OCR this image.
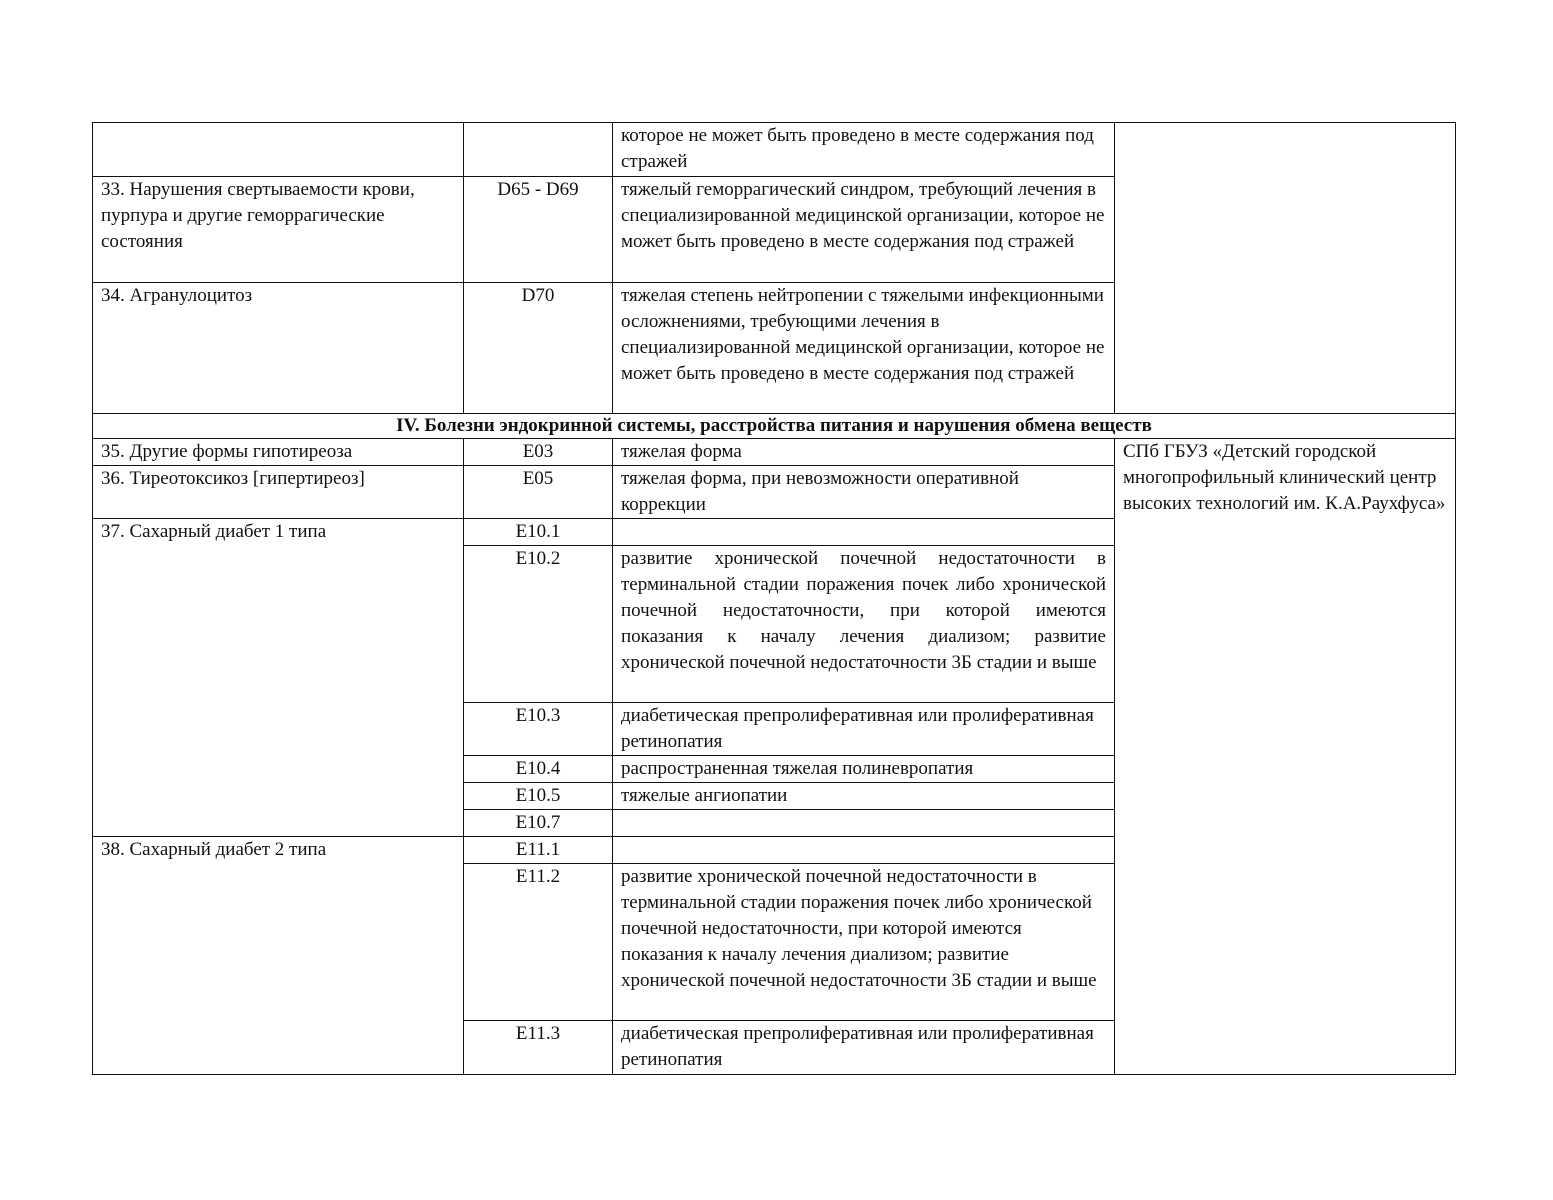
		которое не может быть проведено в месте содержания под стражей	
33. Нарушения свертываемости крови, пурпура и другие геморрагические состояния	D65 - D69	тяжелый геморрагический синдром, требующий лечения в специализированной медицинской организации, которое не может быть проведено в месте содержания под стражей	
34. Агранулоцитоз	D70	тяжелая степень нейтропении с тяжелыми инфекционными осложнениями, требующими лечения в специализированной медицинской организации, которое не может быть проведено в месте содержания под стражей	
IV. Болезни эндокринной системы, расстройства питания и нарушения обмена веществ			
35. Другие формы гипотиреоза	E03	тяжелая форма	СПб ГБУЗ «Детский городской многопрофильный клинический центр высоких технологий им. К.А.Раухфуса»
36. Тиреотоксикоз [гипертиреоз]	E05	тяжелая форма, при невозможности оперативной коррекции	
37. Сахарный диабет 1 типа	E10.1		
	E10.2	развитие хронической почечной недостаточности в терминальной стадии поражения почек либо хронической почечной недостаточности, при которой имеются показания к началу лечения диализом; развитие хронической почечной недостаточности 3Б стадии и выше	
	E10.3	диабетическая препролиферативная или пролиферативная ретинопатия	
	E10.4	распространенная тяжелая полиневропатия	
	E10.5	тяжелые ангиопатии	
	E10.7		
38. Сахарный диабет 2 типа	E11.1		
	E11.2	развитие хронической почечной недостаточности в терминальной стадии поражения почек либо хронической почечной недостаточности, при которой имеются показания к началу лечения диализом; развитие хронической почечной недостаточности 3Б стадии и выше	
	E11.3	диабетическая препролиферативная или пролиферативная ретинопатия	
